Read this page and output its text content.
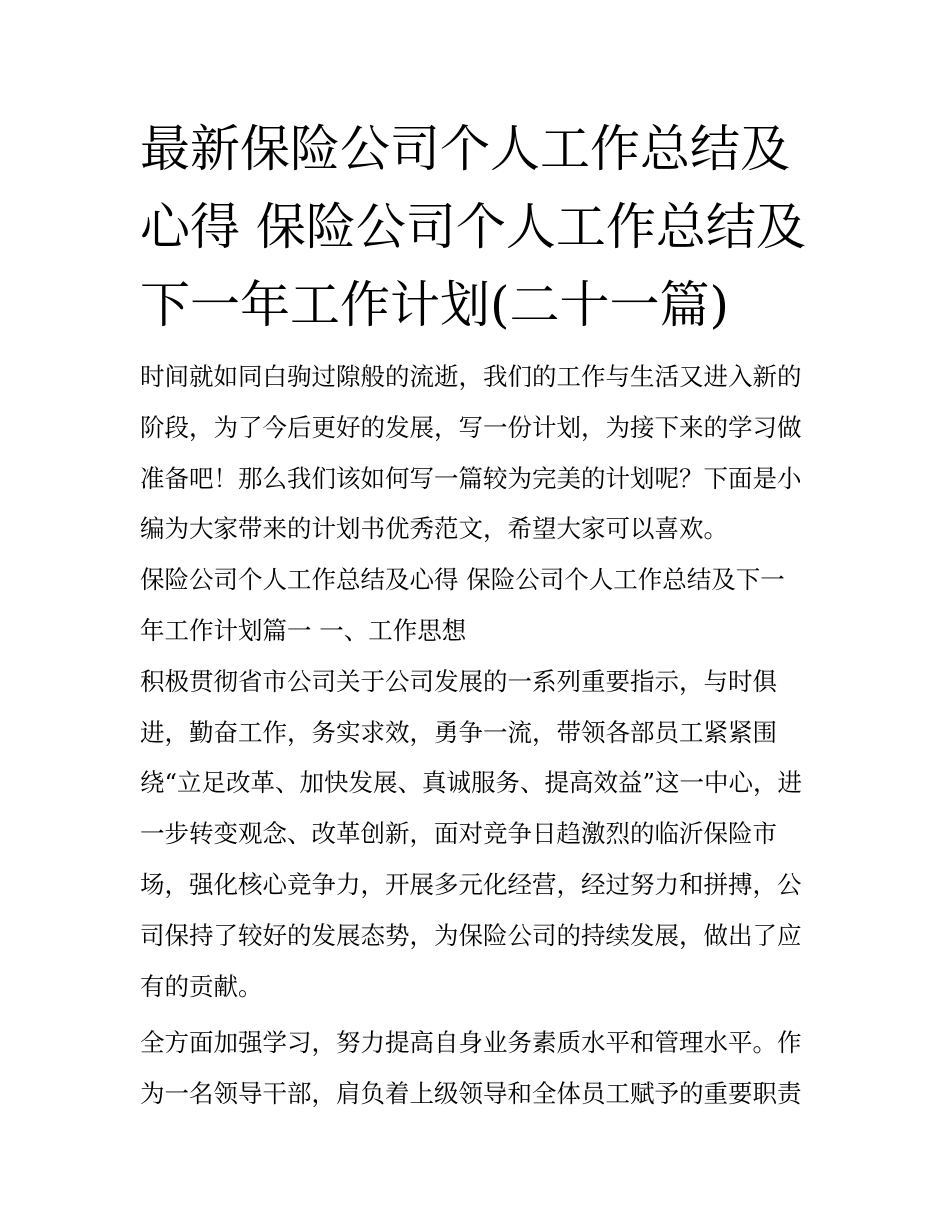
最新保险公司个人工作总结及
心得 保险公司个人工作总结及
下一年工作计划(二十一篇)
时间就如同白驹过隙般的流逝，我们的工作与生活又进入新的
阶段，为了今后更好的发展，写一份计划，为接下来的学习做
准备吧！那么我们该如何写一篇较为完美的计划呢？下面是小
编为大家带来的计划书优秀范文，希望大家可以喜欢。
保险公司个人工作总结及心得 保险公司个人工作总结及下一
年工作计划篇一 一、工作思想
积极贯彻省市公司关于公司发展的一系列重要指示，与时俱
进，勤奋工作，务实求效，勇争一流，带领各部员工紧紧围
绕“立足改革、加快发展、真诚服务、提高效益”这一中心，进
一步转变观念、改革创新，面对竞争日趋激烈的临沂保险市
场，强化核心竞争力，开展多元化经营，经过努力和拼搏，公
司保持了较好的发展态势，为保险公司的持续发展，做出了应
有的贡献。
全方面加强学习，努力提高自身业务素质水平和管理水平。作
为一名领导干部，肩负着上级领导和全体员工赋予的重要职责
